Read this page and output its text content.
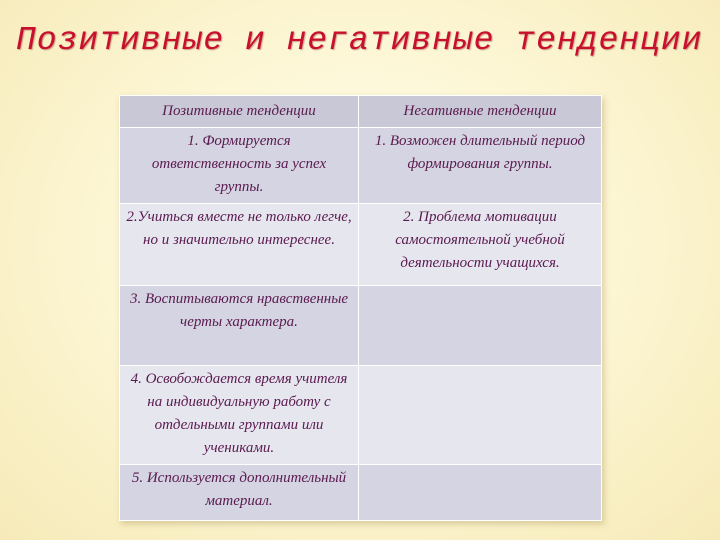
Позитивные и негативные тенденции
Позитивные тенденции	Негативные тенденции
1. Формируется ответственность за успех группы.	1. Возможен длительный период формирования группы.
2.Учиться вместе не только легче, но и значительно интереснее.	2. Проблема мотивации самостоятельной учебной деятельности учащихся.
3. Воспитываются нравственные черты характера.	
4. Освобождается время учителя на индивидуальную работу с отдельными группами или учениками.	
5. Используется дополнительный материал.	
